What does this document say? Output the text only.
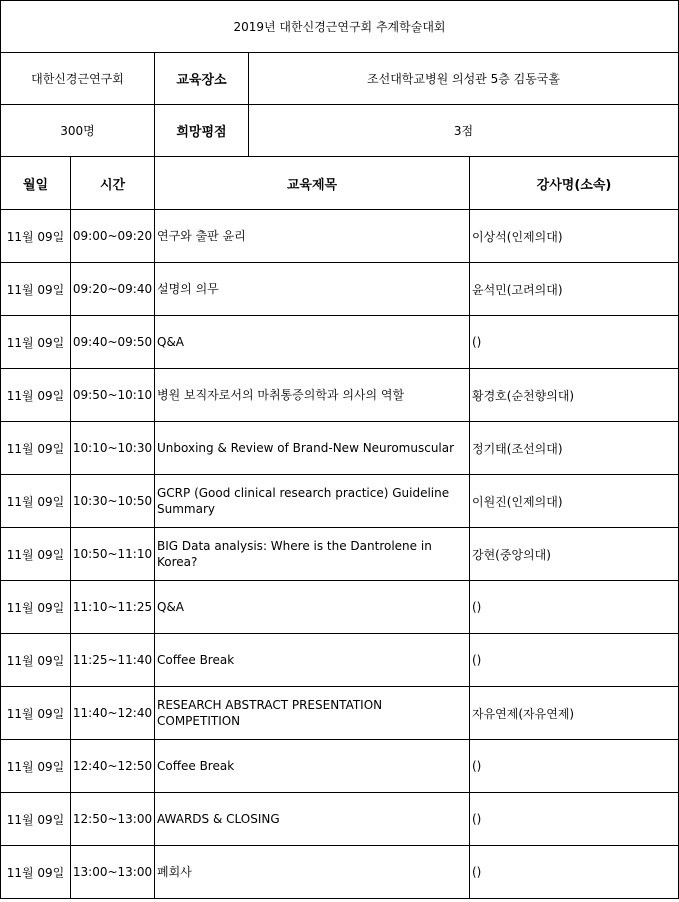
2019년 대한신경근연구회 추계학술대회				
대한신경근연구회		교육장소	조선대학교병원 의성관 5층 김동국홀	
300명		희망평점	3점	
월일	시간	교육제목		강사명(소속)
11월 09일	09:00~09:20	연구와 출판 윤리		이상석(인제의대)
11월 09일	09:20~09:40	설명의 의무		윤석민(고려의대)
11월 09일	09:40~09:50	Q&A		()
11월 09일	09:50~10:10	병원 보직자로서의 마취통증의학과 의사의 역할		황경호(순천향의대)
11월 09일	10:10~10:30	Unboxing & Review of Brand-New Neuromuscular		정기태(조선의대)
11월 09일	10:30~10:50	GCRP (Good clinical research practice) Guideline Summary		이원진(인제의대)
11월 09일	10:50~11:10	BIG Data analysis: Where is the Dantrolene in Korea?		강현(중앙의대)
11월 09일	11:10~11:25	Q&A		()
11월 09일	11:25~11:40	Coffee Break		()
11월 09일	11:40~12:40	RESEARCH ABSTRACT PRESENTATION COMPETITION		자유연제(자유연제)
11월 09일	12:40~12:50	Coffee Break		()
11월 09일	12:50~13:00	AWARDS & CLOSING		()
11월 09일	13:00~13:00	폐회사		()
